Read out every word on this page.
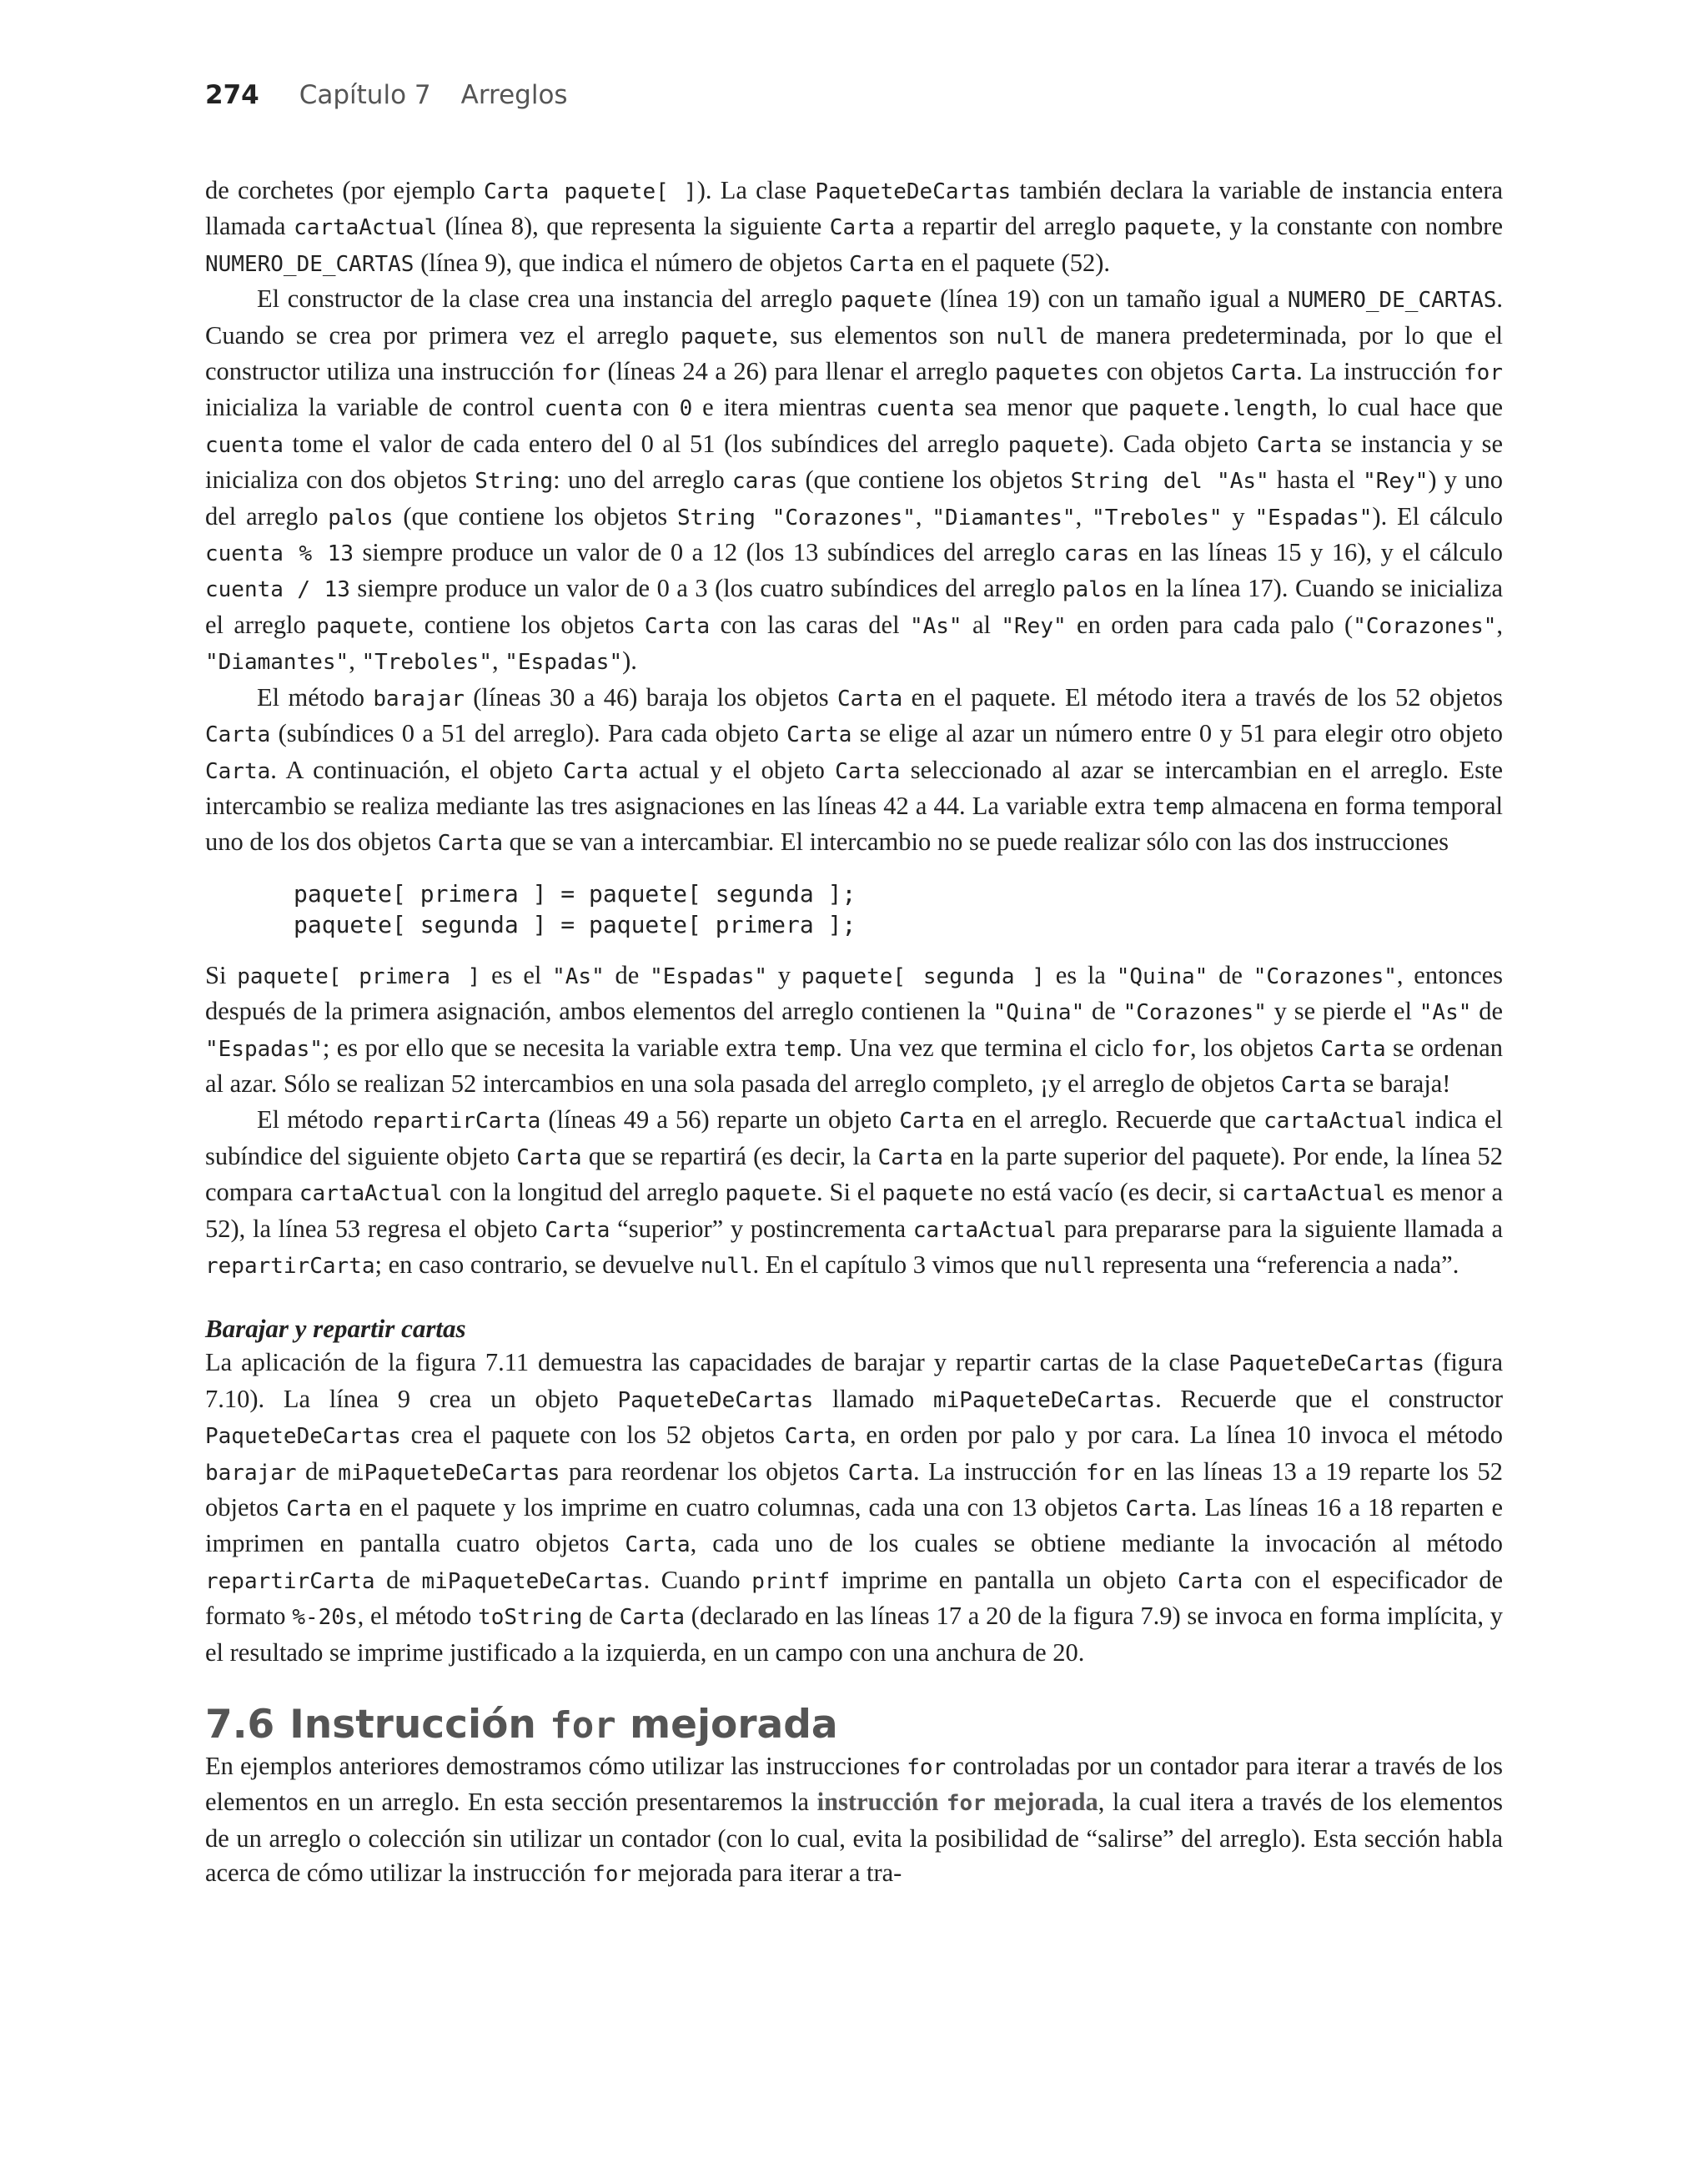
274 Capítulo 7 Arreglos

de corchetes (por ejemplo Carta paquete[ ]). La clase PaqueteDeCartas también declara la variable de instancia entera llamada cartaActual (línea 8), que representa la siguiente Carta a repartir del arreglo paquete, y la constante con nombre NUMERO_DE_CARTAS (línea 9), que indica el número de objetos Carta en el paquete (52).

El constructor de la clase crea una instancia del arreglo paquete (línea 19) con un tamaño igual a NUMERO_DE_CARTAS. Cuando se crea por primera vez el arreglo paquete, sus elementos son null de manera predeterminada, por lo que el constructor utiliza una instrucción for (líneas 24 a 26) para llenar el arreglo paquetes con objetos Carta. La instrucción for inicializa la variable de control cuenta con 0 e itera mientras cuenta sea menor que paquete.length, lo cual hace que cuenta tome el valor de cada entero del 0 al 51 (los subíndices del arreglo paquete). Cada objeto Carta se instancia y se inicializa con dos objetos String: uno del arreglo caras (que contiene los objetos String del "As" hasta el "Rey") y uno del arreglo palos (que contiene los objetos String "Corazones", "Diamantes", "Treboles" y "Espadas"). El cálculo cuenta % 13 siempre produce un valor de 0 a 12 (los 13 subíndices del arreglo caras en las líneas 15 y 16), y el cálculo cuenta / 13 siempre produce un valor de 0 a 3 (los cuatro subíndices del arreglo palos en la línea 17). Cuando se inicializa el arreglo paquete, contiene los objetos Carta con las caras del "As" al "Rey" en orden para cada palo ("Corazones", "Diamantes", "Treboles", "Espadas").

El método barajar (líneas 30 a 46) baraja los objetos Carta en el paquete. El método itera a través de los 52 objetos Carta (subíndices 0 a 51 del arreglo). Para cada objeto Carta se elige al azar un número entre 0 y 51 para elegir otro objeto Carta. A continuación, el objeto Carta actual y el objeto Carta seleccionado al azar se intercambian en el arreglo. Este intercambio se realiza mediante las tres asignaciones en las líneas 42 a 44. La variable extra temp almacena en forma temporal uno de los dos objetos Carta que se van a intercambiar. El intercambio no se puede realizar sólo con las dos instrucciones

paquete[ primera ] = paquete[ segunda ];
paquete[ segunda ] = paquete[ primera ];

Si paquete[ primera ] es el "As" de "Espadas" y paquete[ segunda ] es la "Quina" de "Corazones", entonces después de la primera asignación, ambos elementos del arreglo contienen la "Quina" de "Corazones" y se pierde el "As" de "Espadas"; es por ello que se necesita la variable extra temp. Una vez que termina el ciclo for, los objetos Carta se ordenan al azar. Sólo se realizan 52 intercambios en una sola pasada del arreglo completo, ¡y el arreglo de objetos Carta se baraja!

El método repartirCarta (líneas 49 a 56) reparte un objeto Carta en el arreglo. Recuerde que cartaActual indica el subíndice del siguiente objeto Carta que se repartirá (es decir, la Carta en la parte superior del paquete). Por ende, la línea 52 compara cartaActual con la longitud del arreglo paquete. Si el paquete no está vacío (es decir, si cartaActual es menor a 52), la línea 53 regresa el objeto Carta “superior” y postincrementa cartaActual para prepararse para la siguiente llamada a repartirCarta; en caso contrario, se devuelve null. En el capítulo 3 vimos que null representa una “referencia a nada”.

Barajar y repartir cartas

La aplicación de la figura 7.11 demuestra las capacidades de barajar y repartir cartas de la clase PaqueteDeCartas (figura 7.10). La línea 9 crea un objeto PaqueteDeCartas llamado miPaqueteDeCartas. Recuerde que el constructor PaqueteDeCartas crea el paquete con los 52 objetos Carta, en orden por palo y por cara. La línea 10 invoca el método barajar de miPaqueteDeCartas para reordenar los objetos Carta. La instrucción for en las líneas 13 a 19 reparte los 52 objetos Carta en el paquete y los imprime en cuatro columnas, cada una con 13 objetos Carta. Las líneas 16 a 18 reparten e imprimen en pantalla cuatro objetos Carta, cada uno de los cuales se obtiene mediante la invocación al método repartirCarta de miPaqueteDeCartas. Cuando printf imprime en pantalla un objeto Carta con el especificador de formato %-20s, el método toString de Carta (declarado en las líneas 17 a 20 de la figura 7.9) se invoca en forma implícita, y el resultado se imprime justificado a la izquierda, en un campo con una anchura de 20.

7.6 Instrucción for mejorada

En ejemplos anteriores demostramos cómo utilizar las instrucciones for controladas por un contador para iterar a través de los elementos en un arreglo. En esta sección presentaremos la instrucción for mejorada, la cual itera a través de los elementos de un arreglo o colección sin utilizar un contador (con lo cual, evita la posibilidad de “salirse” del arreglo). Esta sección habla acerca de cómo utilizar la instrucción for mejorada para iterar a tra-
